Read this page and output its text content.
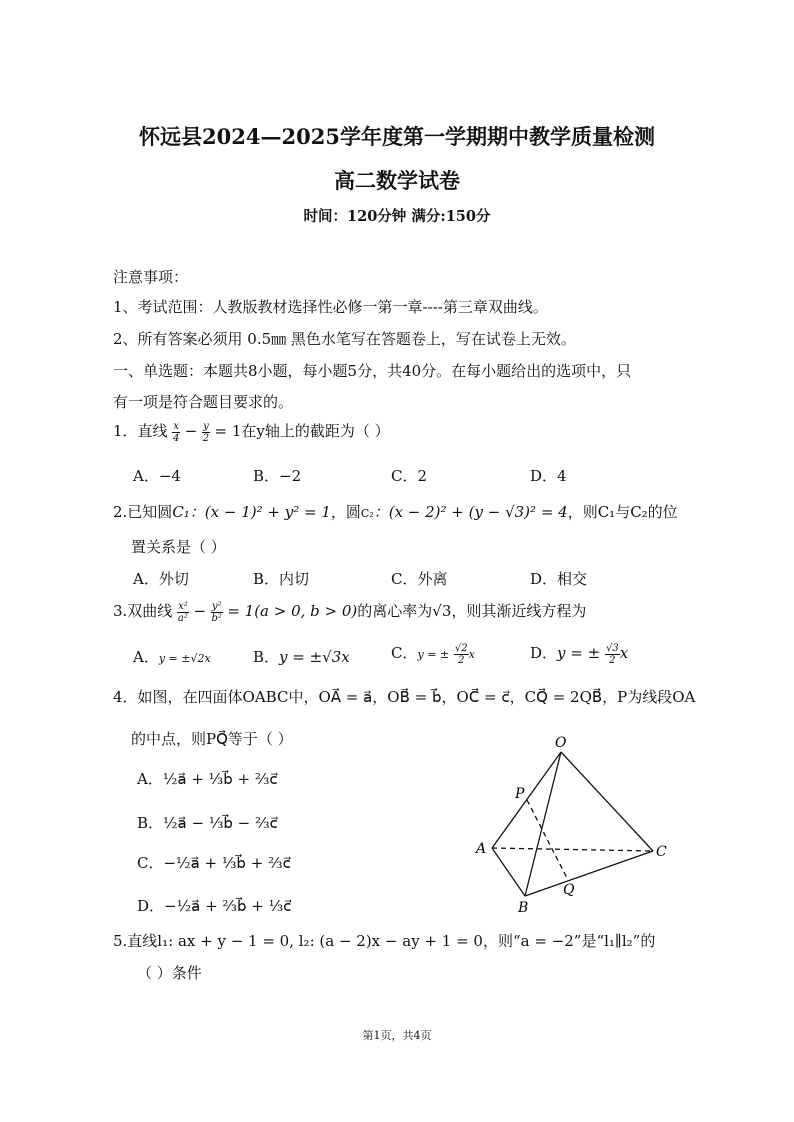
怀远县2024—2025学年度第一学期期中教学质量检测
高二数学试卷
时间：120分钟 满分:150分
注意事项：
1、考试范围：人教版教材选择性必修一第一章----第三章双曲线。
2、所有答案必须用 0.5㎜ 黑色水笔写在答题卷上，写在试卷上无效。
一、单选题：本题共8小题，每小题5分，共40分。在每小题给出的选项中，只
有一项是符合题目要求的。
1．直线 $\frac{x}{4} - \frac{y}{2} = 1$在y轴上的截距为（ ）
A．−4	B．−2	C．2	D．4
2.已知圆C₁：(x − 1)² + y² = 1，圆C₂：(x − 2)² + (y − √3)² = 4，则C₁与C₂的位
置关系是（ ）
A．外切	B．内切	C．外离	D．相交
3.双曲线 $\frac{\text{x²}}{\text{a²}} - \frac{\text{y²}}{\text{b²}} = 1(a > 0$, b > 0)的离心率为√3，则其渐近线方程为
A．y = ±√2x	B．y = ±√3x	C．y = ± $\frac{√2}{2}$ x	D．y = ± $\frac{√3}{2}$ x
4．如图，在四面体OABC中，OA⃗ = a⃗，OB⃗ = b⃗，OC⃗ = c⃗，CQ⃗ = 2QB⃗，P为线段OA
的中点，则PQ⃗等于（ ）
A．½a⃗ + ⅓b⃗ + ⅔c⃗
B．½a⃗ − ⅓b⃗ − ⅔c⃗
C．−½a⃗ + ⅓b⃗ + ⅔c⃗
D．−½a⃗ + ⅔b⃗ + ⅓c⃗
O
P
A	C
Q
B
5.直线l₁: ax + y − 1 = 0, l₂: (a − 2)x − ay + 1 = 0，则“a = −2”是“l₁∥l₂”的
（ ）条件
第1页，共4页
